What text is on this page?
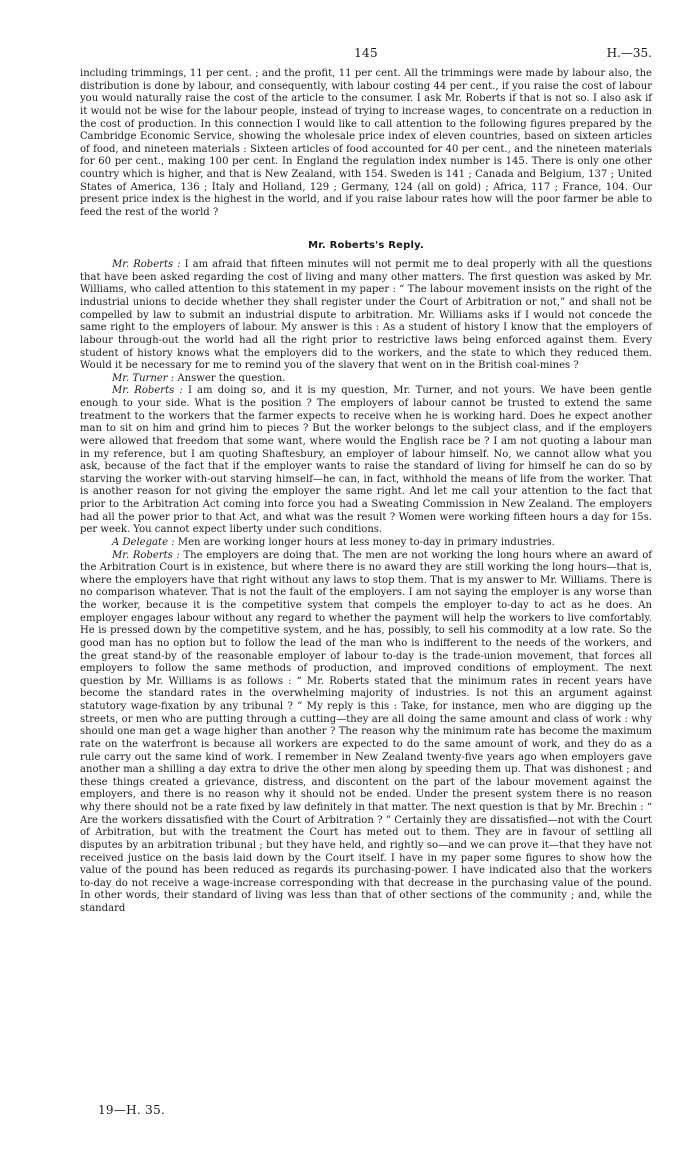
145	H.—35.

including trimmings, 11 per cent. ; and the profit, 11 per cent. All the trimmings were made by labour also, the distribution is done by labour, and consequently, with labour costing 44 per cent., if you raise the cost of labour you would naturally raise the cost of the article to the consumer. I ask Mr. Roberts if that is not so. I also ask if it would not be wise for the labour people, instead of trying to increase wages, to concentrate on a reduction in the cost of production. In this connection I would like to call attention to the following figures prepared by the Cambridge Economic Service, showing the wholesale price index of eleven countries, based on sixteen articles of food, and nineteen materials : Sixteen articles of food accounted for 40 per cent., and the nineteen materials for 60 per cent., making 100 per cent. In England the regulation index number is 145. There is only one other country which is higher, and that is New Zealand, with 154. Sweden is 141 ; Canada and Belgium, 137 ; United States of America, 136 ; Italy and Holland, 129 ; Germany, 124 (all on gold) ; Africa, 117 ; France, 104. Our present price index is the highest in the world, and if you raise labour rates how will the poor farmer be able to feed the rest of the world ?

Mr. Roberts's Reply.

Mr. Roberts : I am afraid that fifteen minutes will not permit me to deal properly with all the questions that have been asked regarding the cost of living and many other matters. The first question was asked by Mr. Williams, who called attention to this statement in my paper : “ The labour movement insists on the right of the industrial unions to decide whether they shall register under the Court of Arbitration or not,” and shall not be compelled by law to submit an industrial dispute to arbitration. Mr. Williams asks if I would not concede the same right to the employers of labour. My answer is this : As a student of history I know that the employers of labour through-out the world had all the right prior to restrictive laws being enforced against them. Every student of history knows what the employers did to the workers, and the state to which they reduced them. Would it be necessary for me to remind you of the slavery that went on in the British coal-mines ?

Mr. Turner : Answer the question.

Mr. Roberts : I am doing so, and it is my question, Mr. Turner, and not yours. We have been gentle enough to your side. What is the position ? The employers of labour cannot be trusted to extend the same treatment to the workers that the farmer expects to receive when he is working hard. Does he expect another man to sit on him and grind him to pieces ? But the worker belongs to the subject class, and if the employers were allowed that freedom that some want, where would the English race be ? I am not quoting a labour man in my reference, but I am quoting Shaftesbury, an employer of labour himself. No, we cannot allow what you ask, because of the fact that if the employer wants to raise the standard of living for himself he can do so by starving the worker with-out starving himself—he can, in fact, withhold the means of life from the worker. That is another reason for not giving the employer the same right. And let me call your attention to the fact that prior to the Arbitration Act coming into force you had a Sweating Commission in New Zealand. The employers had all the power prior to that Act, and what was the result ? Women were working fifteen hours a day for 15s. per week. You cannot expect liberty under such conditions.

A Delegate : Men are working longer hours at less money to-day in primary industries.

Mr. Roberts : The employers are doing that. The men are not working the long hours where an award of the Arbitration Court is in existence, but where there is no award they are still working the long hours—that is, where the employers have that right without any laws to stop them. That is my answer to Mr. Williams. There is no comparison whatever. That is not the fault of the employers. I am not saying the employer is any worse than the worker, because it is the competitive system that compels the employer to-day to act as he does. An employer engages labour without any regard to whether the payment will help the workers to live comfortably. He is pressed down by the competitive system, and he has, possibly, to sell his commodity at a low rate. So the good man has no option but to follow the lead of the man who is indifferent to the needs of the workers, and the great stand-by of the reasonable employer of labour to-day is the trade-union movement, that forces all employers to follow the same methods of production, and improved conditions of employment. The next question by Mr. Williams is as follows : “ Mr. Roberts stated that the minimum rates in recent years have become the standard rates in the overwhelming majority of industries. Is not this an argument against statutory wage-fixation by any tribunal ? ” My reply is this : Take, for instance, men who are digging up the streets, or men who are putting through a cutting—they are all doing the same amount and class of work : why should one man get a wage higher than another ? The reason why the minimum rate has become the maximum rate on the waterfront is because all workers are expected to do the same amount of work, and they do as a rule carry out the same kind of work. I remember in New Zealand twenty-five years ago when employers gave another man a shilling a day extra to drive the other men along by speeding them up. That was dishonest ; and these things created a grievance, distress, and discontent on the part of the labour movement against the employers, and there is no reason why it should not be ended. Under the present system there is no reason why there should not be a rate fixed by law definitely in that matter. The next question is that by Mr. Brechin : “ Are the workers dissatisfied with the Court of Arbitration ? ” Certainly they are dissatisfied—not with the Court of Arbitration, but with the treatment the Court has meted out to them. They are in favour of settling all disputes by an arbitration tribunal ; but they have held, and rightly so—and we can prove it—that they have not received justice on the basis laid down by the Court itself. I have in my paper some figures to show how the value of the pound has been reduced as regards its purchasing-power. I have indicated also that the workers to-day do not receive a wage-increase corresponding with that decrease in the purchasing value of the pound. In other words, their standard of living was less than that of other sections of the community ; and, while the standard

19—H. 35.
